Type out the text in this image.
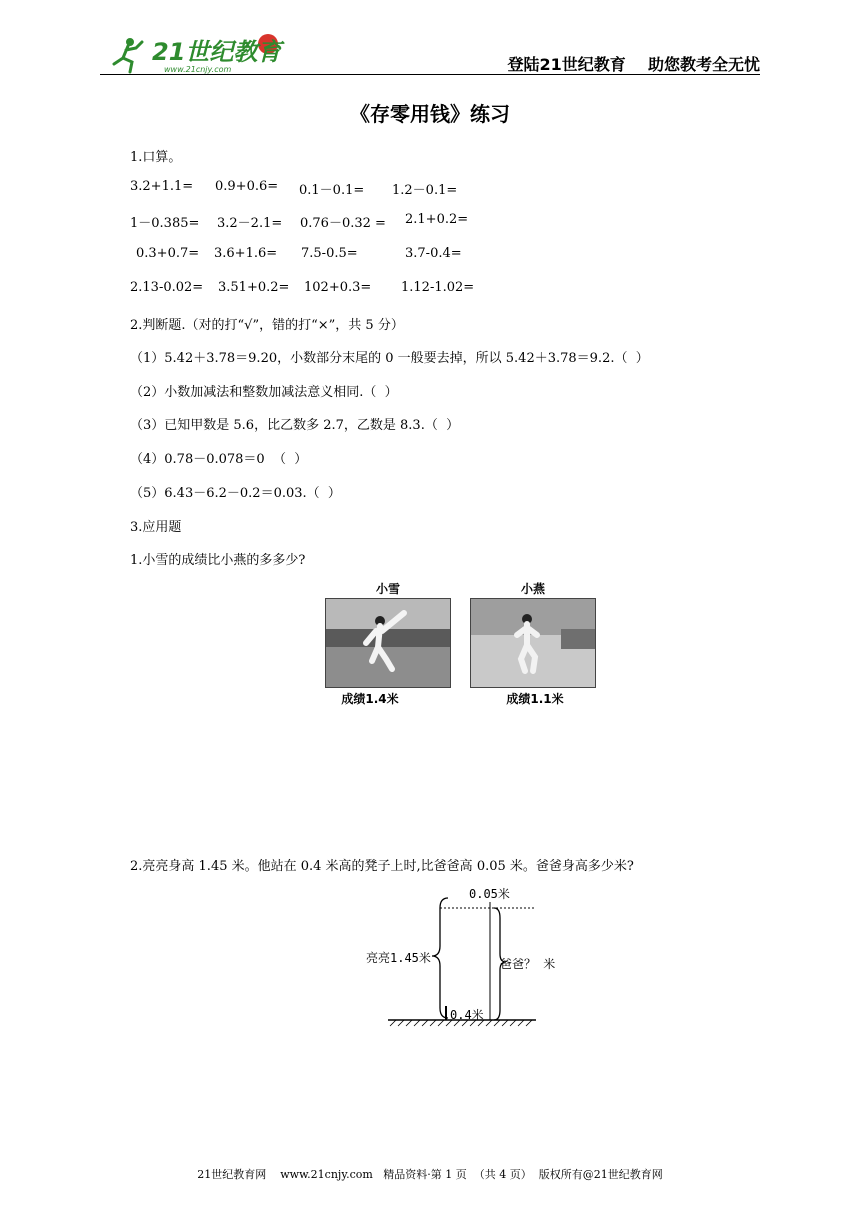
21世纪教育
www.21cnjy.com	登陆21世纪教育    助您教考全无忧
《存零用钱》练习
1.口算。
3.2+1.1= 0.9+0.6= 0.1－0.1= 1.2－0.1=
1－0.385= 3.2－2.1= 0.76－0.32 = 2.1+0.2=
0.3+0.7= 3.6+1.6= 7.5-0.5=	3.7-0.4=
2.13-0.02= 3.51+0.2= 102+0.3= 1.12-1.02=
2.判断题.（对的打“√”，错的打“×”，共 5 分）
（1）5.42＋3.78＝9.20，小数部分末尾的 0 一般要去掉，所以 5.42＋3.78＝9.2.（  ）
（2）小数加减法和整数加减法意义相同.（  ）
（3）已知甲数是 5.6，比乙数多 2.7，乙数是 8.3.（  ）
（4）0.78－0.078＝0  （  ）
（5）6.43－6.2－0.2＝0.03.（  ）
3.应用题
1.小雪的成绩比小燕的多多少?
小雪	小燕
成绩1.4米	成绩1.1米
2.亮亮身高 1.45 米。他站在 0.4 米高的凳子上时,比爸爸高 0.05 米。爸爸身高多少米?
0.05米
亮亮1.45米	爸爸？ 米
0.4米
21世纪教育网    www.21cnjy.com   精品资料·第 1 页  （共 4 页）  版权所有@21世纪教育网
